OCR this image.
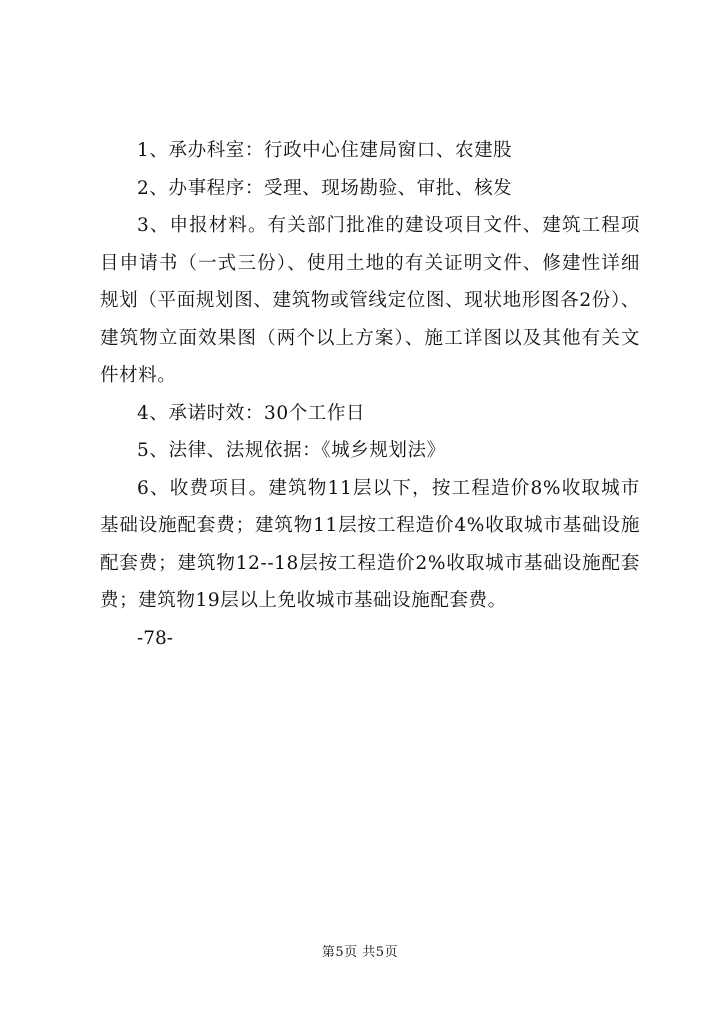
1、承办科室：行政中心住建局窗口、农建股

2、办事程序：受理、现场勘验、审批、核发

3、申报材料。有关部门批准的建设项目文件、建筑工程项目申请书（一式三份）、使用土地的有关证明文件、修建性详细规划（平面规划图、建筑物或管线定位图、现状地形图各2份）、建筑物立面效果图（两个以上方案）、施工详图以及其他有关文件材料。

4、承诺时效：30个工作日

5、法律、法规依据：《城乡规划法》

6、收费项目。建筑物11层以下，按工程造价8%收取城市基础设施配套费；建筑物11层按工程造价4%收取城市基础设施配套费；建筑物12--18层按工程造价2%收取城市基础设施配套费；建筑物19层以上免收城市基础设施配套费。

-78-

第5页 共5页
